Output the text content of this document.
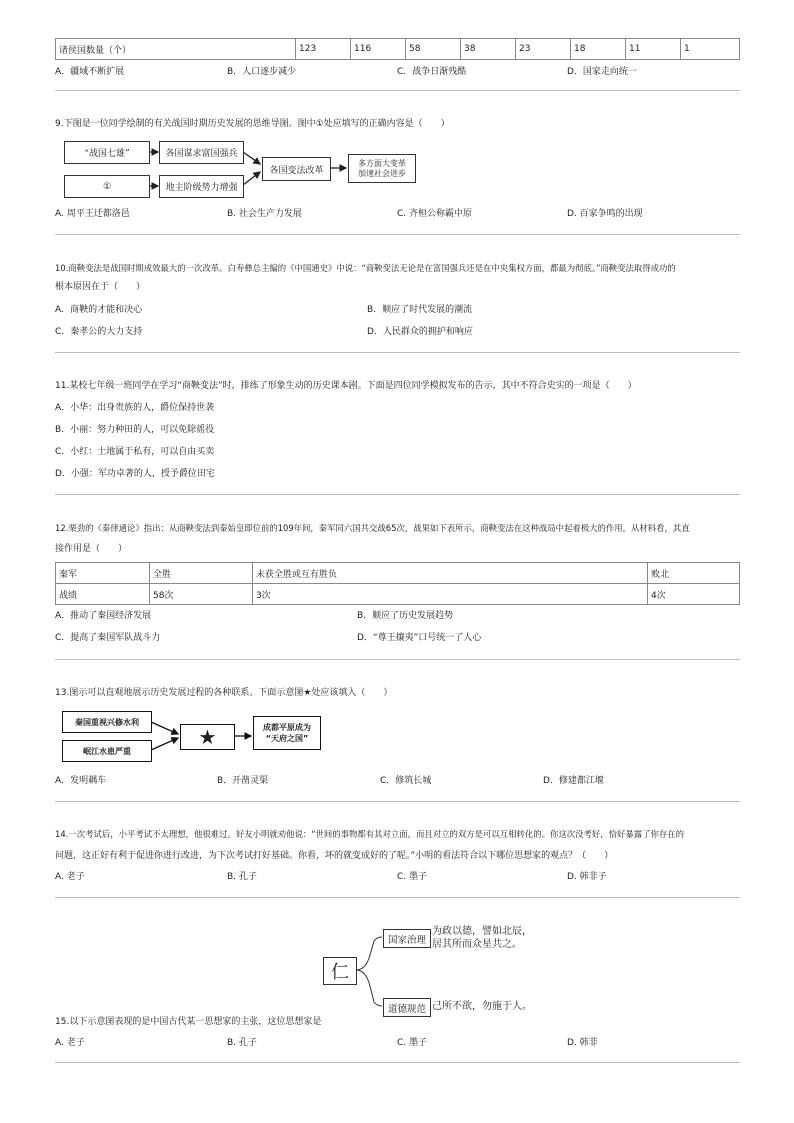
诸侯国数量（个）	123	116	58	38	23	18	11	1
A．疆域不断扩展	B．人口逐步减少	C．战争日渐残酷	D．国家走向统一
9.下图是一位同学绘制的有关战国时期历史发展的思维导图。图中①处应填写的正确内容是（　　）
“战国七雄”
①
各国谋求富国强兵
地主阶级势力增强
各国变法改革
多方面大变革
加速社会进步
A. 周平王迁都洛邑	B. 社会生产力发展	C. 齐桓公称霸中原	D. 百家争鸣的出现
10.商鞅变法是战国时期成效最大的一次改革。白寿彝总主编的《中国通史》中说：“商鞅变法无论是在富国强兵还是在中央集权方面，都最为彻底。”商鞅变法取得成功的
根本原因在于（　　）
A．商鞅的才能和决心	B．顺应了时代发展的潮流
C．秦孝公的大力支持	D．人民群众的拥护和响应
11.某校七年级一班同学在学习“商鞅变法”时，排练了形象生动的历史课本剧。下面是四位同学模拟发布的告示，其中不符合史实的一项是（　　）
A．小华：出身贵族的人，爵位保持世袭
B．小丽：努力种田的人，可以免除徭役
C．小红：土地属于私有，可以自由买卖
D．小强：军功卓著的人，授予爵位田宅
12.栗劲的《秦律通论》指出：从商鞅变法到秦始皇即位前的109年间，秦军同六国共交战65次，战果如下表所示，商鞅变法在这种战局中起着极大的作用。从材料看，其直
接作用是（　　）
秦军	全胜	未获全胜或互有胜负	败北
战绩	58次	3次	4次
A．推动了秦国经济发展	B．顺应了历史发展趋势
C．提高了秦国军队战斗力	D．“尊王攘夷”口号统一了人心
13.图示可以直观地展示历史发展过程的各种联系。下面示意图★处应该填入（　　）
秦国重视兴修水利
岷江水患严重
★	成都平原成为
“天府之国”
A．发明耦车	B．开凿灵渠	C．修筑长城	D．修建都江堰
14.一次考试后，小平考试不太理想，他很难过。好友小明就劝他说：“世间的事物都有其对立面，而且对立的双方是可以互相转化的。你这次没考好，恰好暴露了你存在的
问题，这正好有利于促进你进行改进，为下次考试打好基础。你看，坏的就变成好的了呢。”小明的看法符合以下哪位思想家的观点？（　　）
A. 老子	B. 孔子	C. 墨子	D. 韩非子
仁
国家治理
为政以德，譬如北辰，
居其所而众星共之。
道德规范 己所不欲，勿施于人。
15.以下示意图表现的是中国古代某一思想家的主张，这位思想家是
A. 老子	B. 孔子	C. 墨子	D. 韩非
